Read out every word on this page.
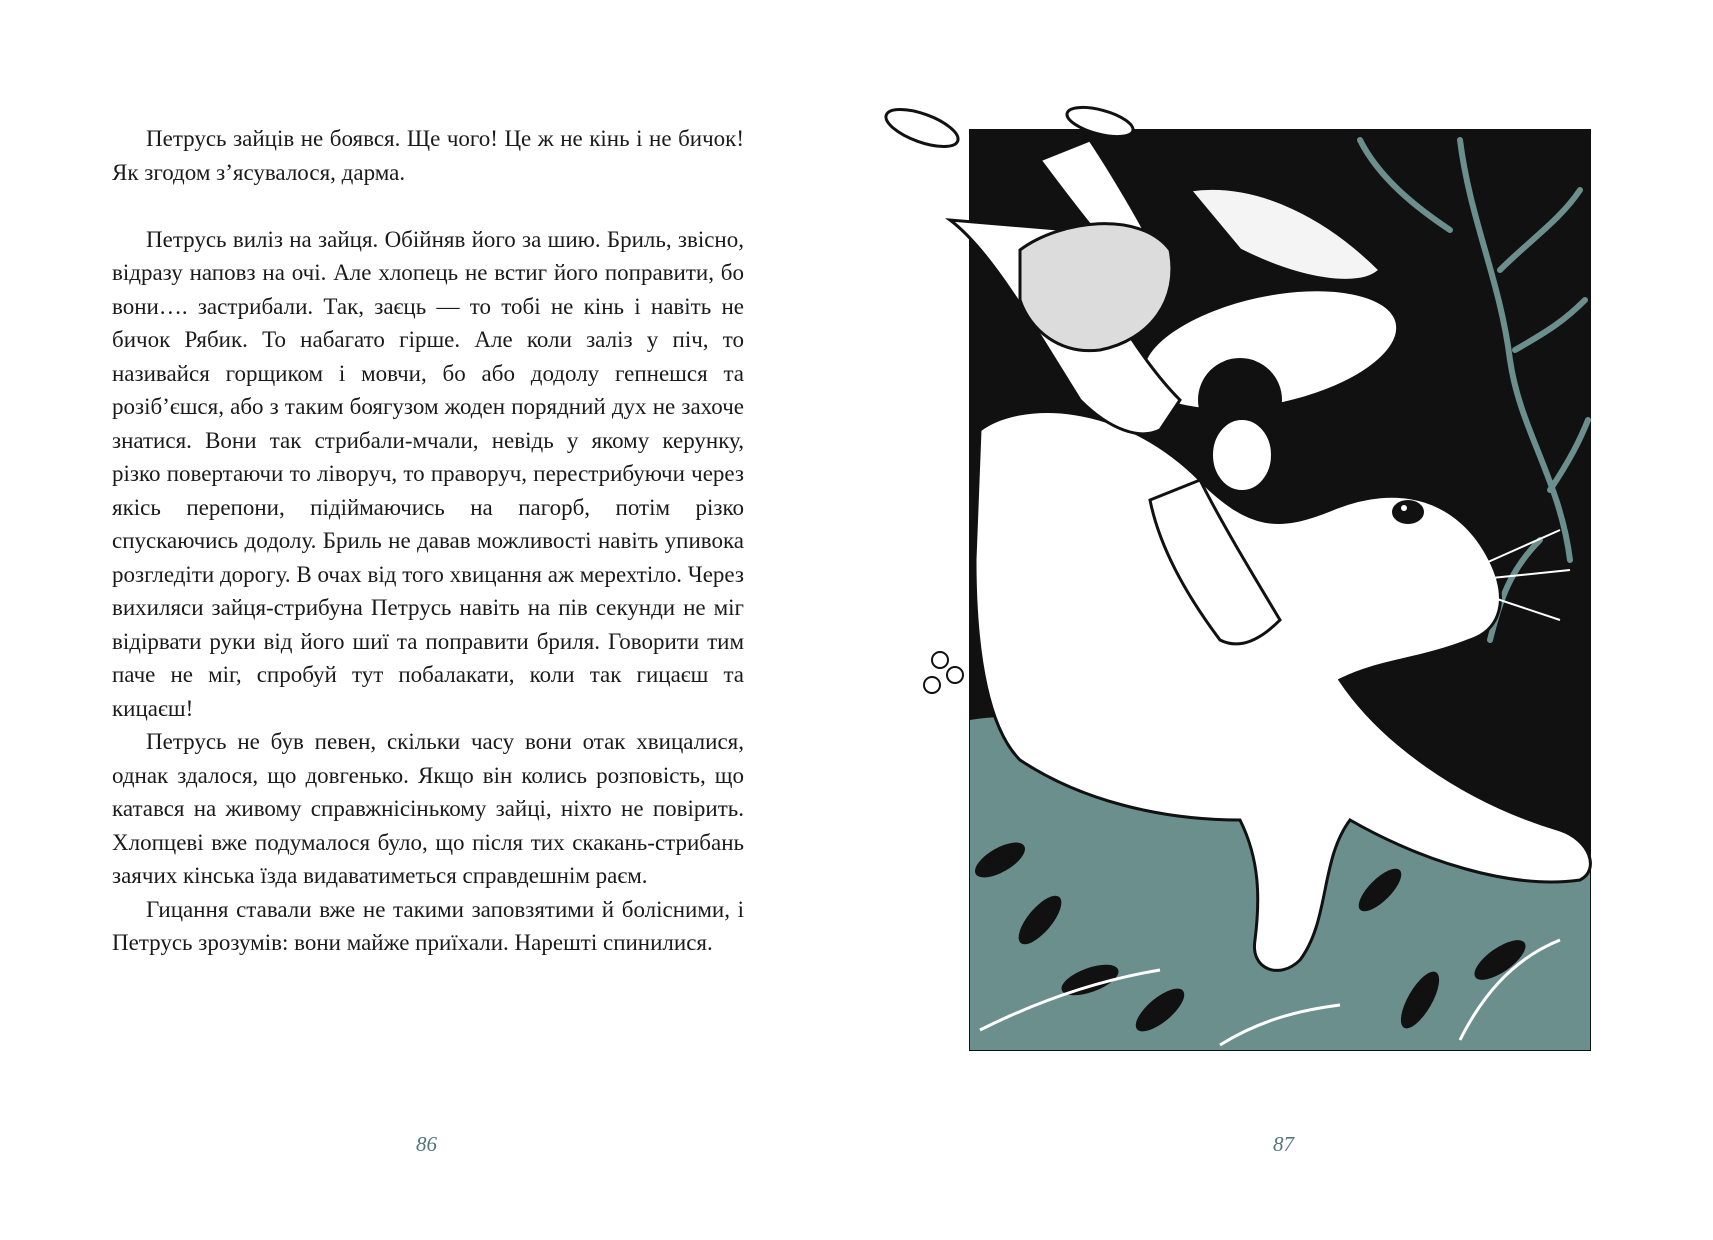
Петрусь зайців не боявся. Ще чого! Це ж не кінь і не бичок! Як згодом з’ясувалося, дарма.

Петрусь виліз на зайця. Обійняв його за шию. Бриль, звісно, відразу наповз на очі. Але хлопець не встиг його поправити, бо вони…. застрибали. Так, заєць — то тобі не кінь і навіть не бичок Рябик. То набагато гірше. Але коли заліз у піч, то називайся горщиком і мовчи, бо або додолу гепнешся та розіб’єшся, або з таким боягузом жоден порядний дух не захоче знатися. Вони так стрибали-мчали, невідь у якому керунку, різко повертаючи то ліворуч, то праворуч, перестрибуючи через якісь перепони, підіймаючись на пагорб, потім різко спускаючись додолу. Бриль не давав можливості навіть упивока розгледіти дорогу. В очах від того хвицання аж мерехтіло. Через вихиляси зайця-стрибуна Петрусь навіть на пів секунди не міг відірвати руки від його шиї та поправити бриля. Говорити тим паче не міг, спробуй тут побалакати, коли так гицаєш та кицаєш!

Петрусь не був певен, скільки часу вони отак хвицалися, однак здалося, що довгенько. Якщо він колись розповість, що катався на живому справжнісінькому зайці, ніхто не повірить. Хлопцеві вже подумалося було, що після тих скакань-стрибань заячих кінська їзда видаватиметься справдешнім раєм.

Гицання ставали вже не такими заповзятими й болісними, і Петрусь зрозумів: вони майже приїхали. Нарешті спинилися.

86	87
